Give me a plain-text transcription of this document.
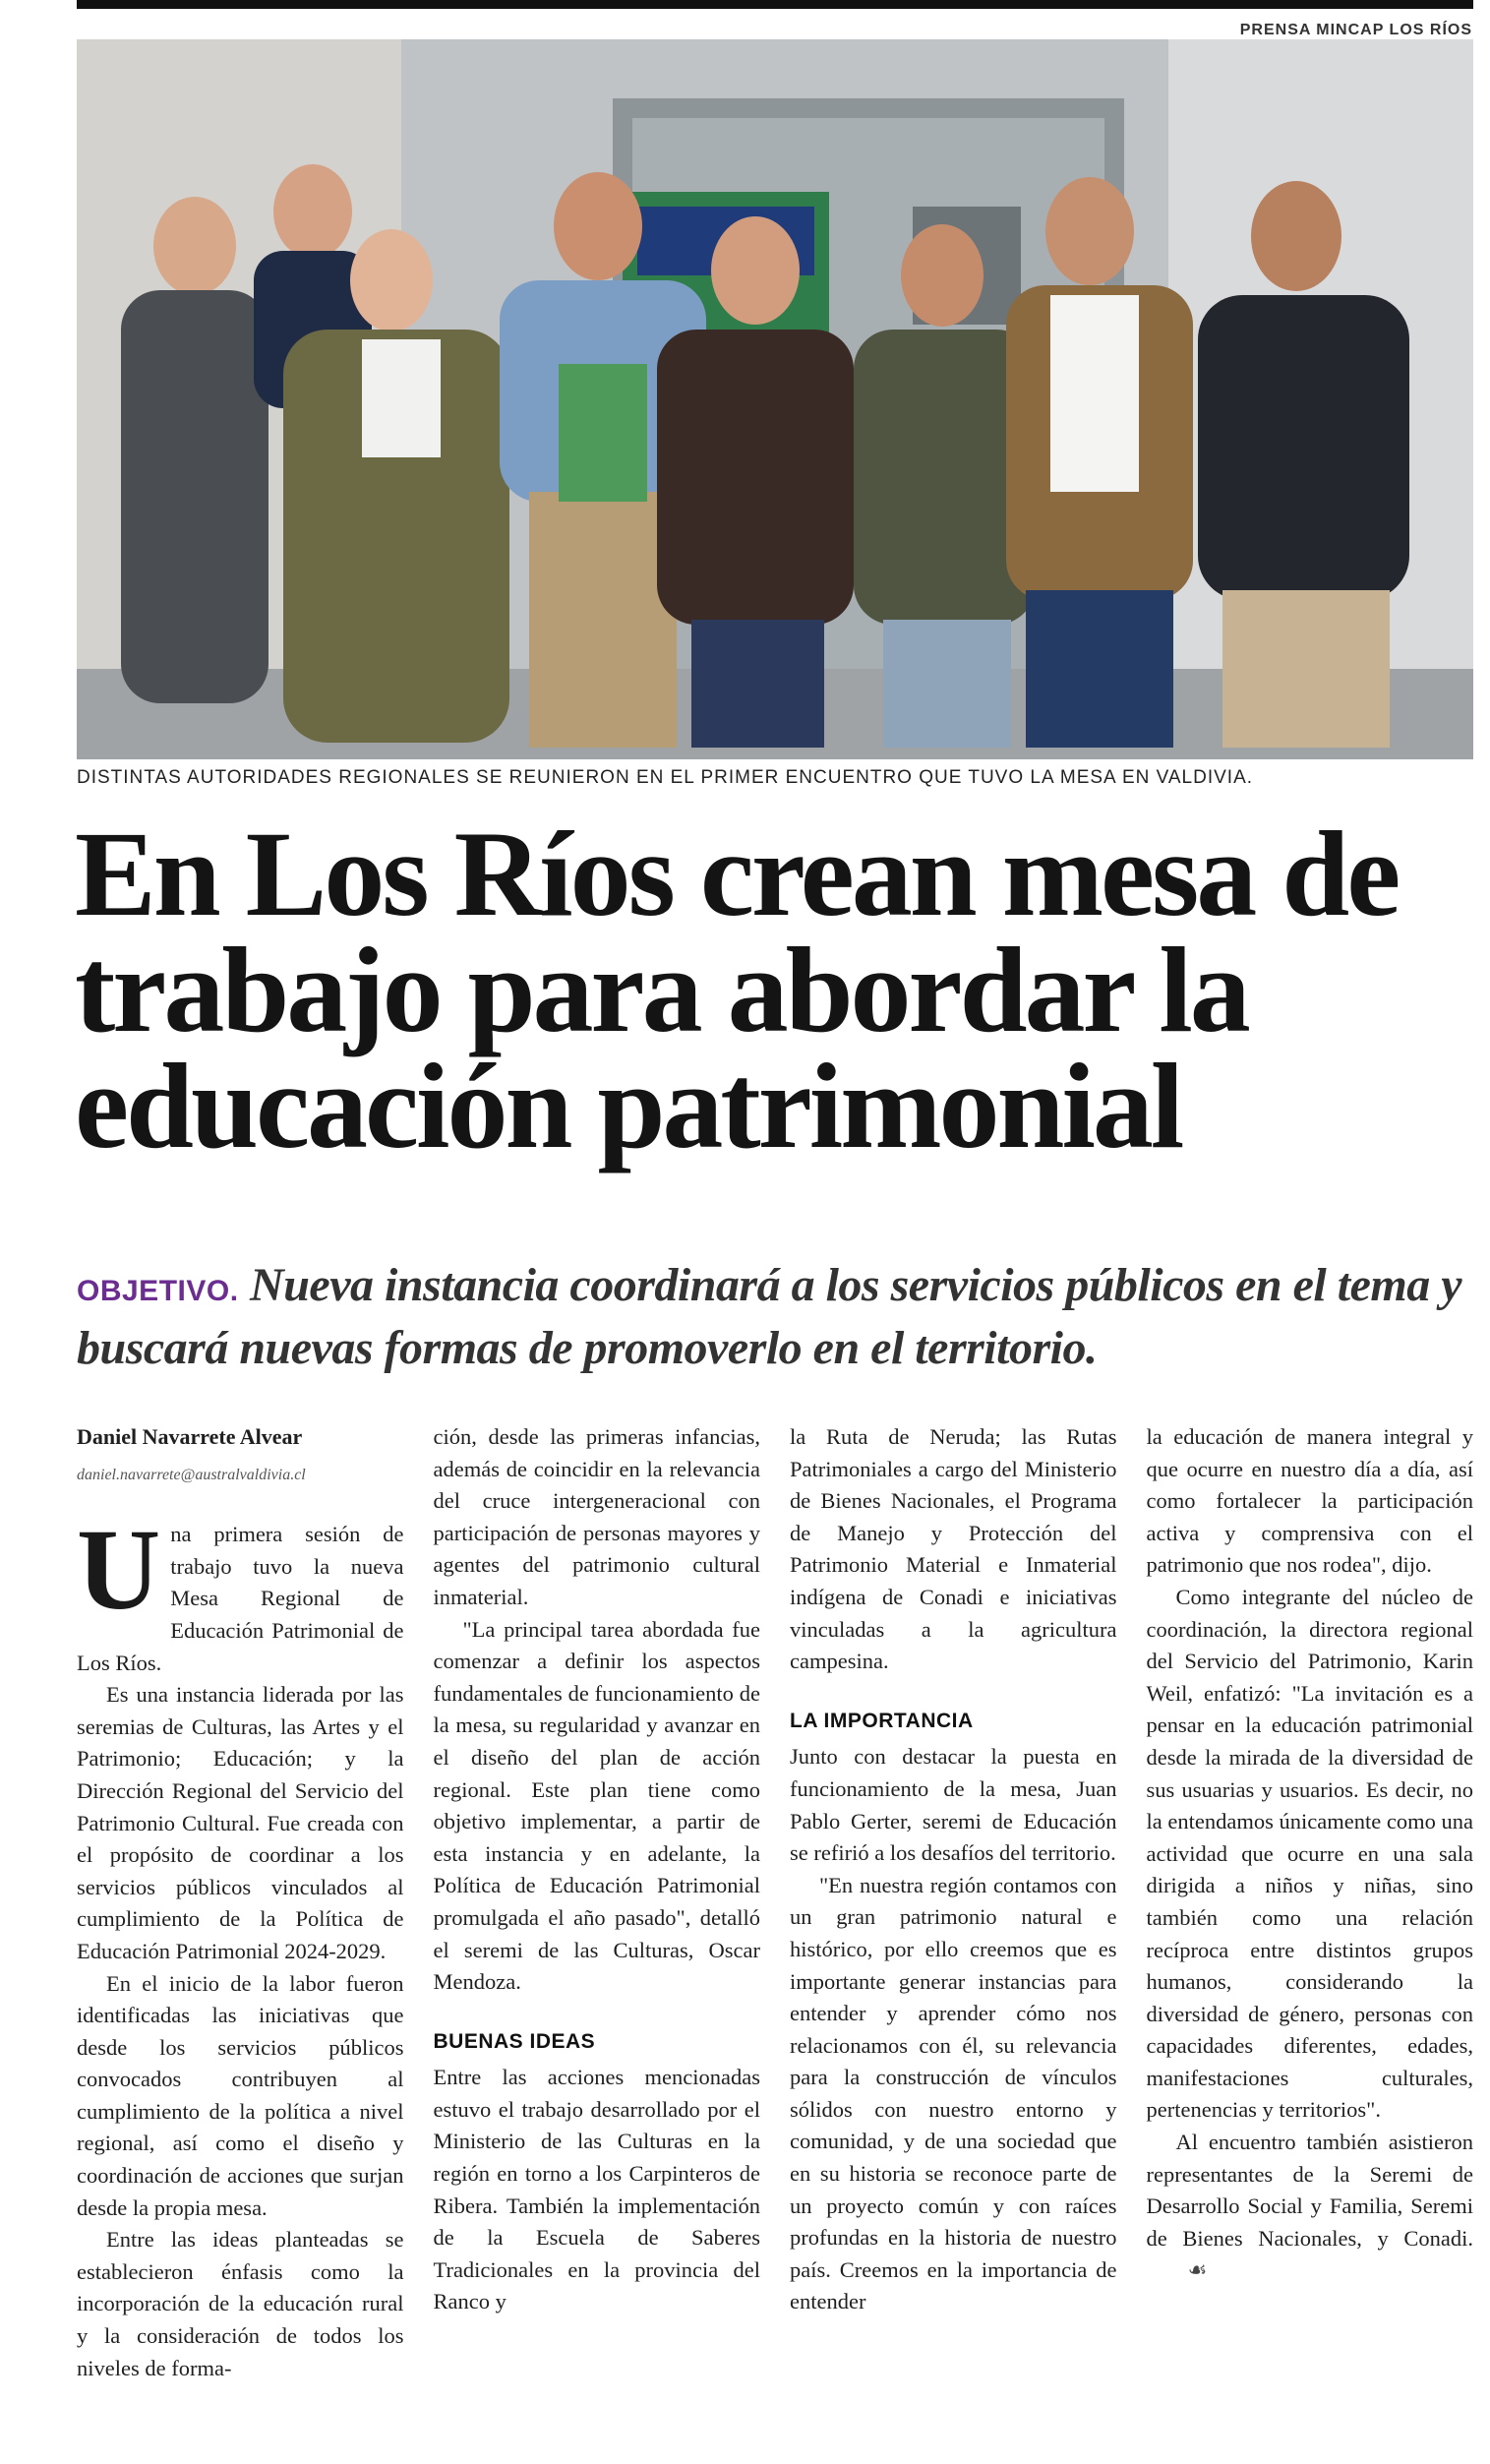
PRENSA MINCAP LOS RÍOS
DISTINTAS AUTORIDADES REGIONALES SE REUNIERON EN EL PRIMER ENCUENTRO QUE TUVO LA MESA EN VALDIVIA.
En Los Ríos crean mesa de trabajo para abordar la educación patrimonial
OBJETIVO. Nueva instancia coordinará a los servicios públicos en el tema y buscará nuevas formas de promoverlo en el territorio.
Daniel Navarrete Alvear
daniel.navarrete@australvaldivia.cl

Una primera sesión de trabajo tuvo la nueva Mesa Regional de Educación Patrimonial de Los Ríos.

Es una instancia liderada por las seremias de Culturas, las Artes y el Patrimonio; Educación; y la Dirección Regional del Servicio del Patrimonio Cultural. Fue creada con el propósito de coordinar a los servicios públicos vinculados al cumplimiento de la Política de Educación Patrimonial 2024-2029.

En el inicio de la labor fueron identificadas las iniciativas que desde los servicios públicos convocados contribuyen al cumplimiento de la política a nivel regional, así como el diseño y coordinación de acciones que surjan desde la propia mesa.

Entre las ideas planteadas se establecieron énfasis como la incorporación de la educación rural y la consideración de todos los niveles de forma-

ción, desde las primeras infancias, además de coincidir en la relevancia del cruce intergeneracional con participación de personas mayores y agentes del patrimonio cultural inmaterial.

"La principal tarea abordada fue comenzar a definir los aspectos fundamentales de funcionamiento de la mesa, su regularidad y avanzar en el diseño del plan de acción regional. Este plan tiene como objetivo implementar, a partir de esta instancia y en adelante, la Política de Educación Patrimonial promulgada el año pasado", detalló el seremi de las Culturas, Oscar Mendoza.

BUENAS IDEAS

Entre las acciones mencionadas estuvo el trabajo desarrollado por el Ministerio de las Culturas en la región en torno a los Carpinteros de Ribera. También la implementación de la Escuela de Saberes Tradicionales en la provincia del Ranco y

la Ruta de Neruda; las Rutas Patrimoniales a cargo del Ministerio de Bienes Nacionales, el Programa de Manejo y Protección del Patrimonio Material e Inmaterial indígena de Conadi e iniciativas vinculadas a la agricultura campesina.

LA IMPORTANCIA

Junto con destacar la puesta en funcionamiento de la mesa, Juan Pablo Gerter, seremi de Educación se refirió a los desafíos del territorio.

"En nuestra región contamos con un gran patrimonio natural e histórico, por ello creemos que es importante generar instancias para entender y aprender cómo nos relacionamos con él, su relevancia para la construcción de vínculos sólidos con nuestro entorno y comunidad, y de una sociedad que en su historia se reconoce parte de un proyecto común y con raíces profundas en la historia de nuestro país. Creemos en la importancia de entender

la educación de manera integral y que ocurre en nuestro día a día, así como fortalecer la participación activa y comprensiva con el patrimonio que nos rodea", dijo.

Como integrante del núcleo de coordinación, la directora regional del Servicio del Patrimonio, Karin Weil, enfatizó: "La invitación es a pensar en la educación patrimonial desde la mirada de la diversidad de sus usuarias y usuarios. Es decir, no la entendamos únicamente como una actividad que ocurre en una sala dirigida a niños y niñas, sino también como una relación recíproca entre distintos grupos humanos, considerando la diversidad de género, personas con capacidades diferentes, edades, manifestaciones culturales, pertenencias y territorios".

Al encuentro también asistieron representantes de la Seremi de Desarrollo Social y Familia, Seremi de Bienes Nacionales, y Conadi.☙
